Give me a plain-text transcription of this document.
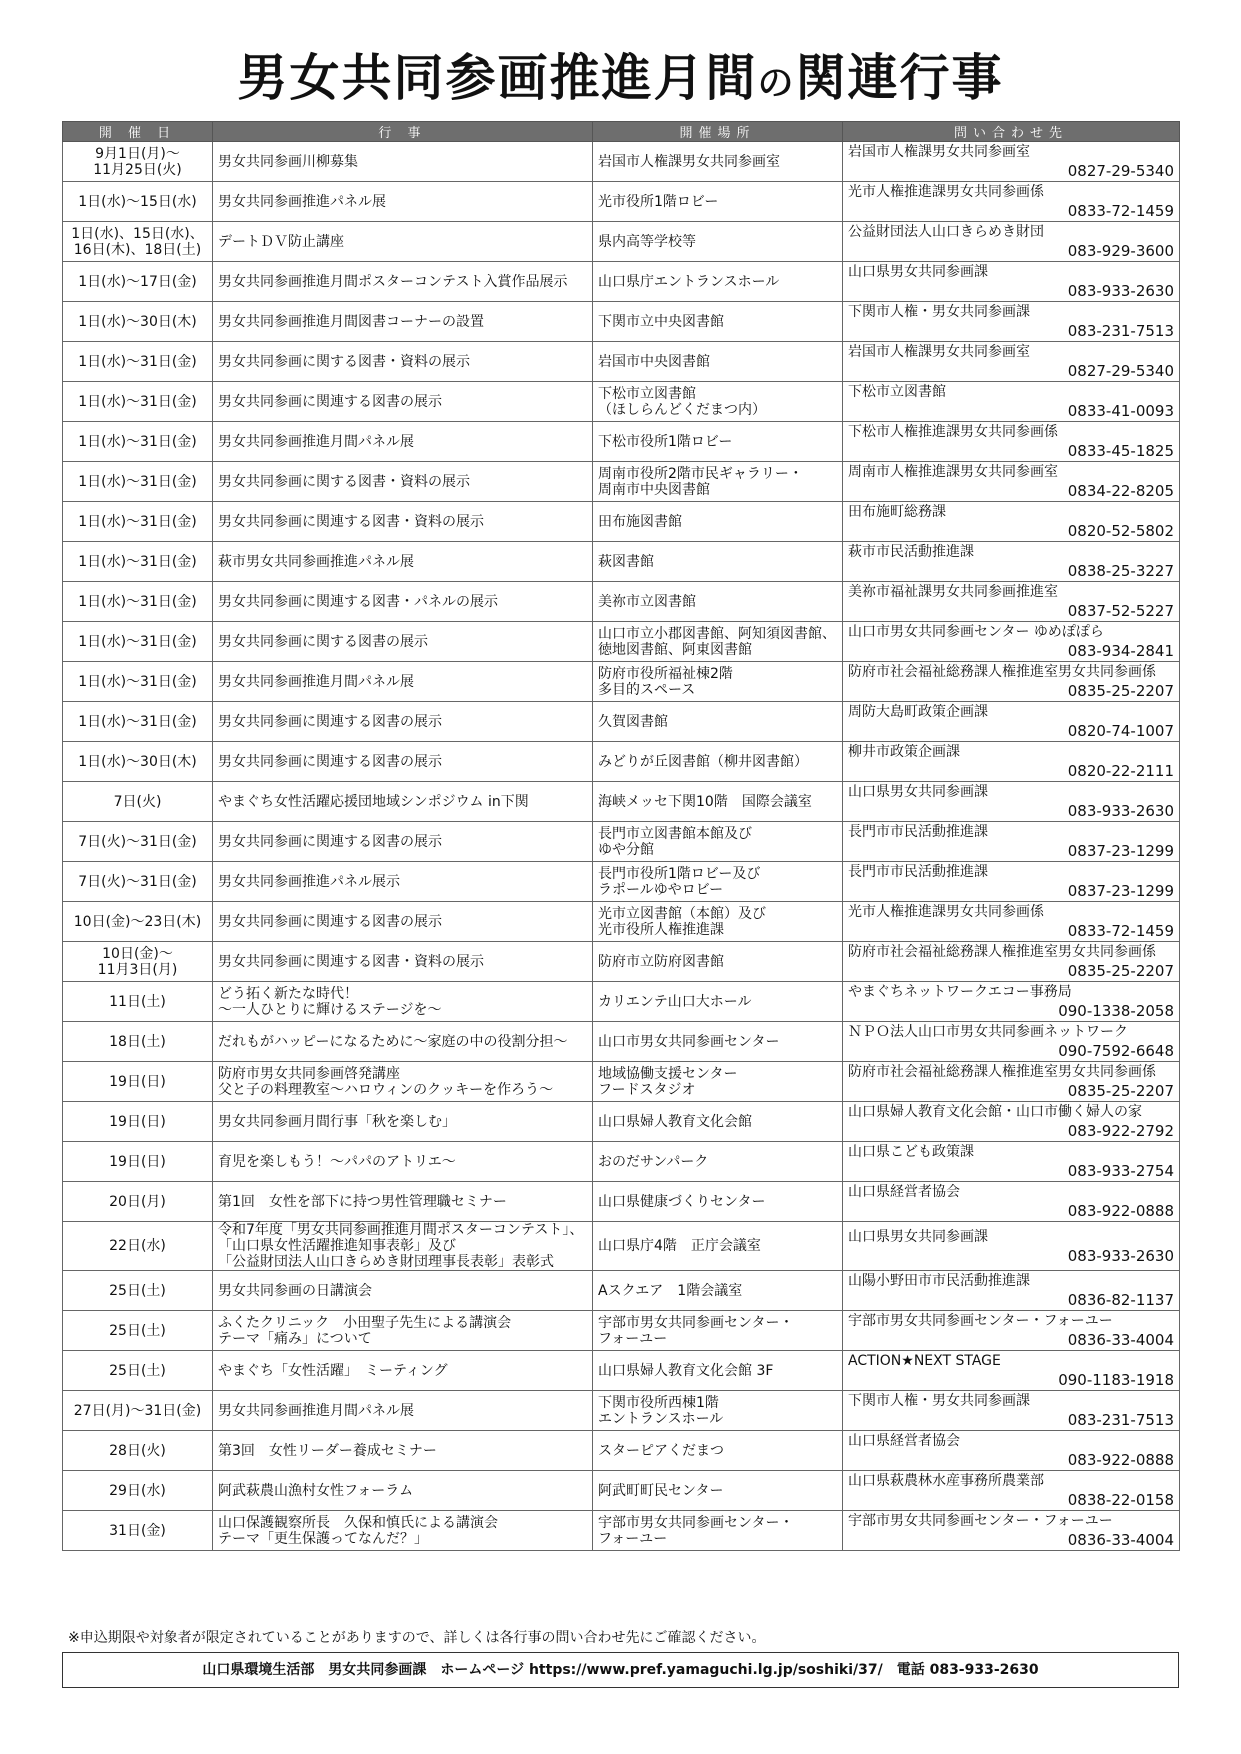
男女共同参画推進月間の関連行事
開 催 日	行 事	開催場所	問い合わせ先
9月1日(月)～
11月25日(火)	男女共同参画川柳募集	岩国市人権課男女共同参画室	岩国市人権課男女共同参画室
0827-29-5340

1日(水)～15日(水)	男女共同参画推進パネル展	光市役所1階ロビー	光市人権推進課男女共同参画係
0833-72-1459

1日(水)、15日(水)、
16日(木)、18日(土)	デートＤＶ防止講座	県内高等学校等	公益財団法人山口きらめき財団
083-929-3600

1日(水)～17日(金)	男女共同参画推進月間ポスターコンテスト入賞作品展示	山口県庁エントランスホール	山口県男女共同参画課
083-933-2630

1日(水)～30日(木)	男女共同参画推進月間図書コーナーの設置	下関市立中央図書館	下関市人権・男女共同参画課
083-231-7513

1日(水)～31日(金)	男女共同参画に関する図書・資料の展示	岩国市中央図書館	岩国市人権課男女共同参画室
0827-29-5340

1日(水)～31日(金)	男女共同参画に関連する図書の展示	下松市立図書館
（ほしらんどくだまつ内）	下松市立図書館
0833-41-0093

1日(水)～31日(金)	男女共同参画推進月間パネル展	下松市役所1階ロビー	下松市人権推進課男女共同参画係
0833-45-1825

1日(水)～31日(金)	男女共同参画に関する図書・資料の展示	周南市役所2階市民ギャラリー・
周南市中央図書館	周南市人権推進課男女共同参画室
0834-22-8205

1日(水)～31日(金)	男女共同参画に関連する図書・資料の展示	田布施図書館	田布施町総務課
0820-52-5802

1日(水)～31日(金)	萩市男女共同参画推進パネル展	萩図書館	萩市市民活動推進課
0838-25-3227

1日(水)～31日(金)	男女共同参画に関連する図書・パネルの展示	美祢市立図書館	美祢市福祉課男女共同参画推進室
0837-52-5227

1日(水)～31日(金)	男女共同参画に関する図書の展示	山口市立小郡図書館、阿知須図書館、
徳地図書館、阿東図書館	山口市男女共同参画センター ゆめぽぽら
083-934-2841

1日(水)～31日(金)	男女共同参画推進月間パネル展	防府市役所福祉棟2階
多目的スペース	防府市社会福祉総務課人権推進室男女共同参画係
0835-25-2207

1日(水)～31日(金)	男女共同参画に関連する図書の展示	久賀図書館	周防大島町政策企画課
0820-74-1007

1日(水)～30日(木)	男女共同参画に関連する図書の展示	みどりが丘図書館（柳井図書館）	柳井市政策企画課
0820-22-2111

7日(火)	やまぐち女性活躍応援団地域シンポジウム in下関	海峡メッセ下関10階　国際会議室	山口県男女共同参画課
083-933-2630

7日(火)～31日(金)	男女共同参画に関連する図書の展示	長門市立図書館本館及び
ゆや分館	長門市市民活動推進課
0837-23-1299

7日(火)～31日(金)	男女共同参画推進パネル展示	長門市役所1階ロビー及び
ラポールゆやロビー	長門市市民活動推進課
0837-23-1299

10日(金)～23日(木)	男女共同参画に関連する図書の展示	光市立図書館（本館）及び
光市役所人権推進課	光市人権推進課男女共同参画係
0833-72-1459

10日(金)～
11月3日(月)	男女共同参画に関連する図書・資料の展示	防府市立防府図書館	防府市社会福祉総務課人権推進室男女共同参画係
0835-25-2207

11日(土)	どう拓く新たな時代！
～一人ひとりに輝けるステージを～	カリエンテ山口大ホール	やまぐちネットワークエコー事務局
090-1338-2058

18日(土)	だれもがハッピーになるために～家庭の中の役割分担～	山口市男女共同参画センター	ＮＰＯ法人山口市男女共同参画ネットワーク
090-7592-6648

19日(日)	防府市男女共同参画啓発講座
父と子の料理教室～ハロウィンのクッキーを作ろう～	地域協働支援センター
フードスタジオ	防府市社会福祉総務課人権推進室男女共同参画係
0835-25-2207

19日(日)	男女共同参画月間行事「秋を楽しむ」	山口県婦人教育文化会館	山口県婦人教育文化会館・山口市働く婦人の家
083-922-2792

19日(日)	育児を楽しもう！～パパのアトリエ～	おのだサンパーク	山口県こども政策課
083-933-2754

20日(月)	第1回　女性を部下に持つ男性管理職セミナー	山口県健康づくりセンター	山口県経営者協会
083-922-0888

22日(水)	令和7年度「男女共同参画推進月間ポスターコンテスト」、
「山口県女性活躍推進知事表彰」及び
「公益財団法人山口きらめき財団理事長表彰」表彰式	山口県庁4階　正庁会議室	山口県男女共同参画課
083-933-2630

25日(土)	男女共同参画の日講演会	Aスクエア　1階会議室	山陽小野田市市民活動推進課
0836-82-1137

25日(土)	ふくたクリニック　小田聖子先生による講演会
テーマ「痛み」について	宇部市男女共同参画センター・
フォーユー	宇部市男女共同参画センター・フォーユー
0836-33-4004

25日(土)	やまぐち「女性活躍」　ミーティング	山口県婦人教育文化会館 3F	ACTION★NEXT STAGE
090-1183-1918

27日(月)～31日(金)	男女共同参画推進月間パネル展	下関市役所西棟1階
エントランスホール	下関市人権・男女共同参画課
083-231-7513

28日(火)	第3回　女性リーダー養成セミナー	スターピアくだまつ	山口県経営者協会
083-922-0888

29日(水)	阿武萩農山漁村女性フォーラム	阿武町町民センター	山口県萩農林水産事務所農業部
0838-22-0158

31日(金)	山口保護観察所長　久保和慎氏による講演会
テーマ「更生保護ってなんだ？」	宇部市男女共同参画センター・
フォーユー	宇部市男女共同参画センター・フォーユー
0836-33-4004

※申込期限や対象者が限定されていることがありますので、詳しくは各行事の問い合わせ先にご確認ください。

山口県環境生活部　男女共同参画課　ホームページ https://www.pref.yamaguchi.lg.jp/soshiki/37/　電話 083-933-2630
